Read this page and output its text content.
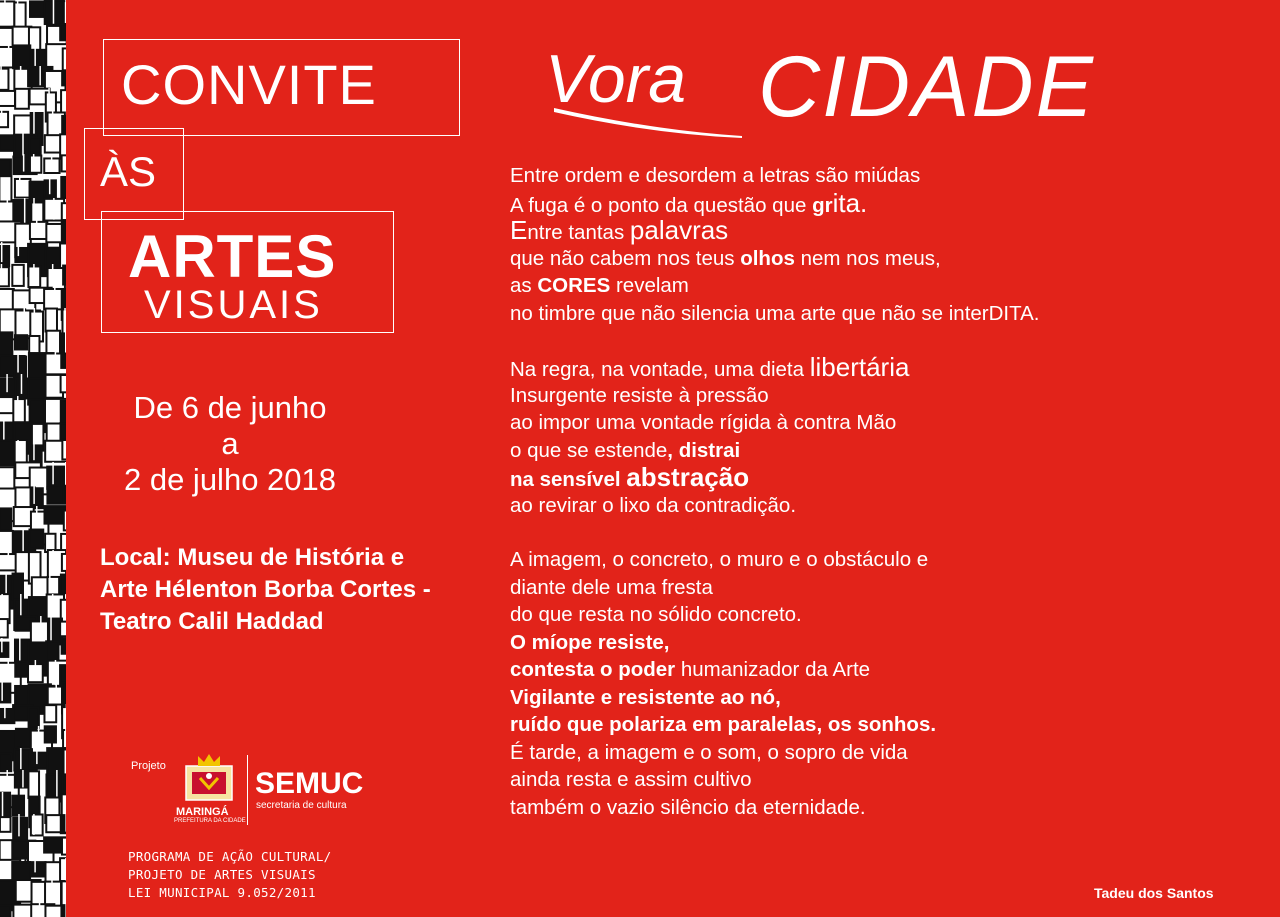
CONVITE
ÀS
ARTES
VISUAIS
De 6 de junho
a
2 de julho 2018
Local: Museu de História e
Arte Hélenton Borba Cortes -
Teatro Calil Haddad
Vora CIDADE
Entre ordem e desordem a letras são miúdas
A fuga é o ponto da questão que grita.
Entre tantas palavras
que não cabem nos teus olhos nem nos meus,
as CORES revelam
no timbre que não silencia uma arte que não se interDITA.
Na regra, na vontade, uma dieta libertária
Insurgente resiste à pressão
ao impor uma vontade rígida à contra Mão
o que se estende, distrai
na sensível abstração
ao revirar o lixo da contradição.
A imagem, o concreto, o muro e o obstáculo e
diante dele uma fresta
do que resta no sólido concreto.
O míope resiste,
contesta o poder humanizador da Arte
Vigilante e resistente ao nó,
ruído que polariza em paralelas, os sonhos.
É tarde, a imagem e o som, o sopro de vida
ainda resta e assim cultivo
também o vazio silêncio da eternidade.
Tadeu dos Santos
Projeto
MARINGÁ
PREFEITURA DA CIDADE
SEMUC
secretaria de cultura
PROGRAMA DE AÇÃO CULTURAL/
PROJETO DE ARTES VISUAIS
LEI MUNICIPAL 9.052/2011
